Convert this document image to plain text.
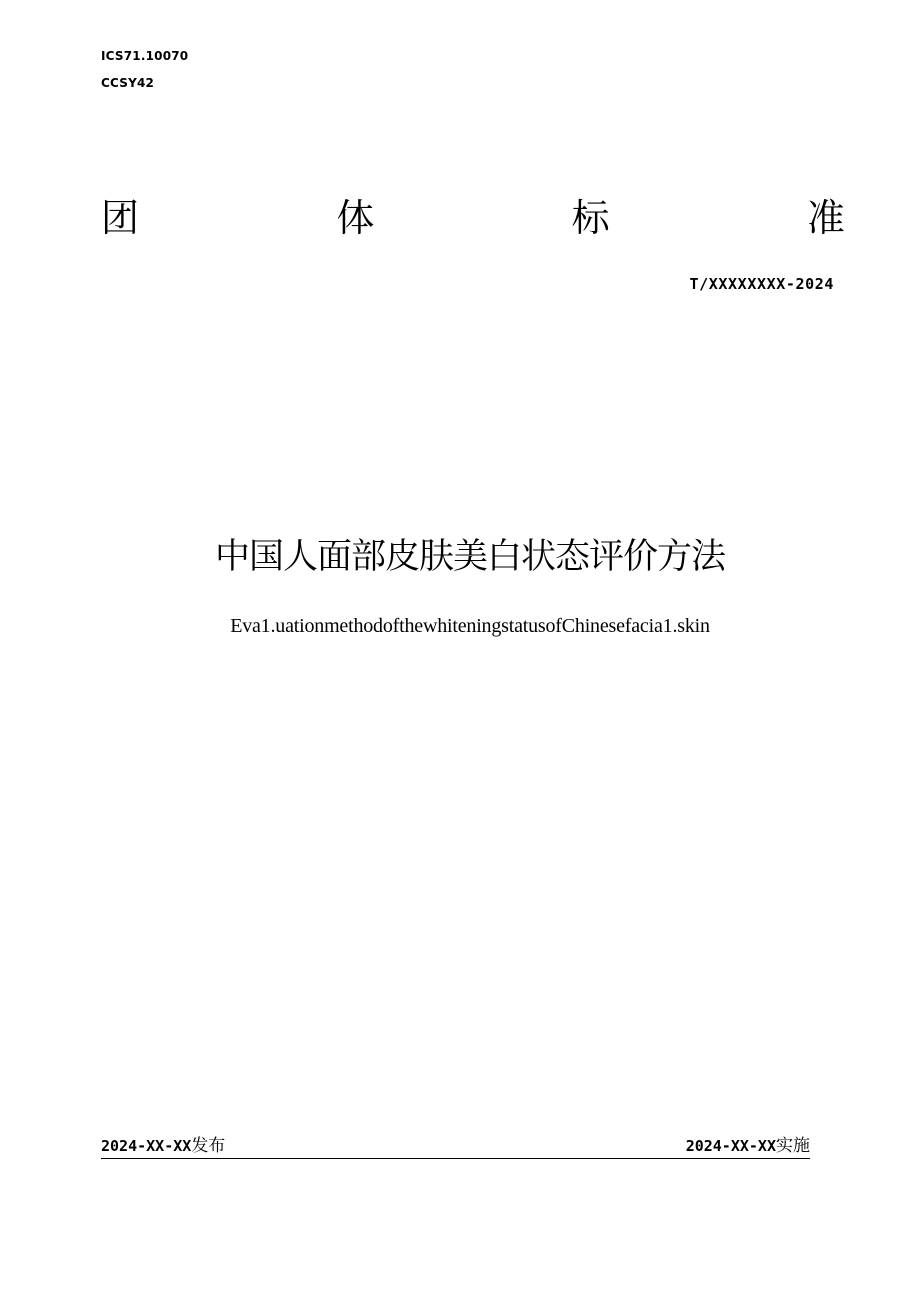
ICS71.10070
CCSY42
团	体	标	准
T/XXXXXXXX-2024
中国人面部皮肤美白状态评价方法
Eva1.uationmethodofthewhiteningstatusofChinesefacia1.skin
2024-XX-XX发布	2024-XX-XX实施
